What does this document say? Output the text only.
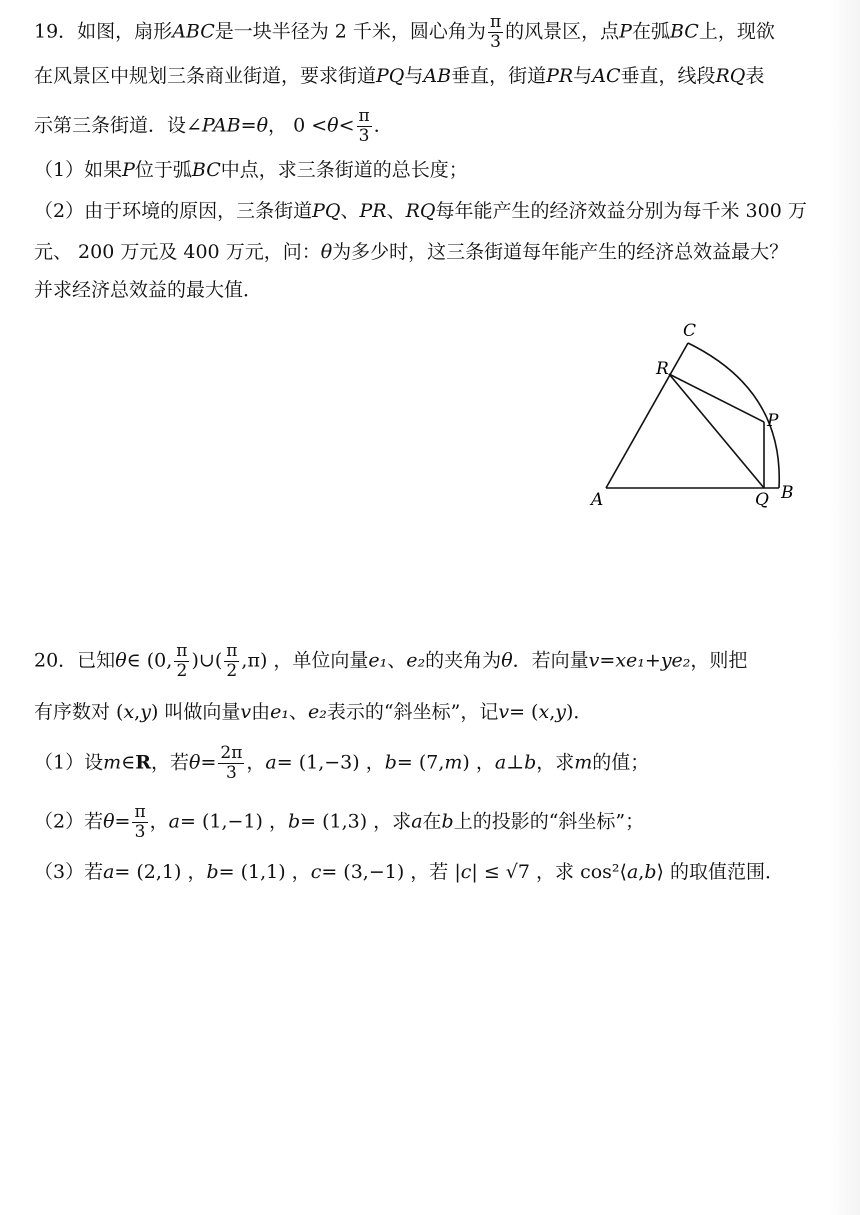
19．如图，扇形ABC是一块半径为 2 千米，圆心角为 $\frac{\pi}{3}$ 的风景区，点P在弧BC上，现欲
在风景区中规划三条商业街道，要求街道PQ与AB垂直，街道PR与AC垂直，线段RQ表
示第三条街道．设∠PAB=θ， $0 <\theta< \frac{\pi}{3}$ ．
（1）如果P位于弧BC中点，求三条街道的总长度；
（2）由于环境的原因，三条街道PQ、PR、RQ每年能产生的经济效益分别为每千米 300 万
元、 200 万元及 400 万元，问：θ为多少时，这三条街道每年能产生的经济总效益最大？
并求经济总效益的最大值．
C
R
P
A	Q B
20．已知θ∈ (0, $\frac{\pi}{2}$ )∪( $\frac{\pi}{2} ,\pi$) ，单位向量e₁、e₂的夹角为θ．若向量v=xe₁+ye₂，则把
有序数对 (x,y) 叫做向量v由e₁、e₂表示的“斜坐标”，记v= (x,y)．
（1）设m∈R，若$\theta= \frac{2\pi}{3}$ ，a= (1,−3) ，b= (7,m) ，a⊥b，求m的值；
（2）若$\theta= \frac{\pi}{3}$ ，a= (1,−1) ，b= (1,3) ，求a在b上的投影的“斜坐标”；
（3）若a= (2,1) ，b= (1,1) ，c= (3,−1) ，若 |c| ≤ √7 ，求 cos²⟨a,b⟩ 的取值范围．
